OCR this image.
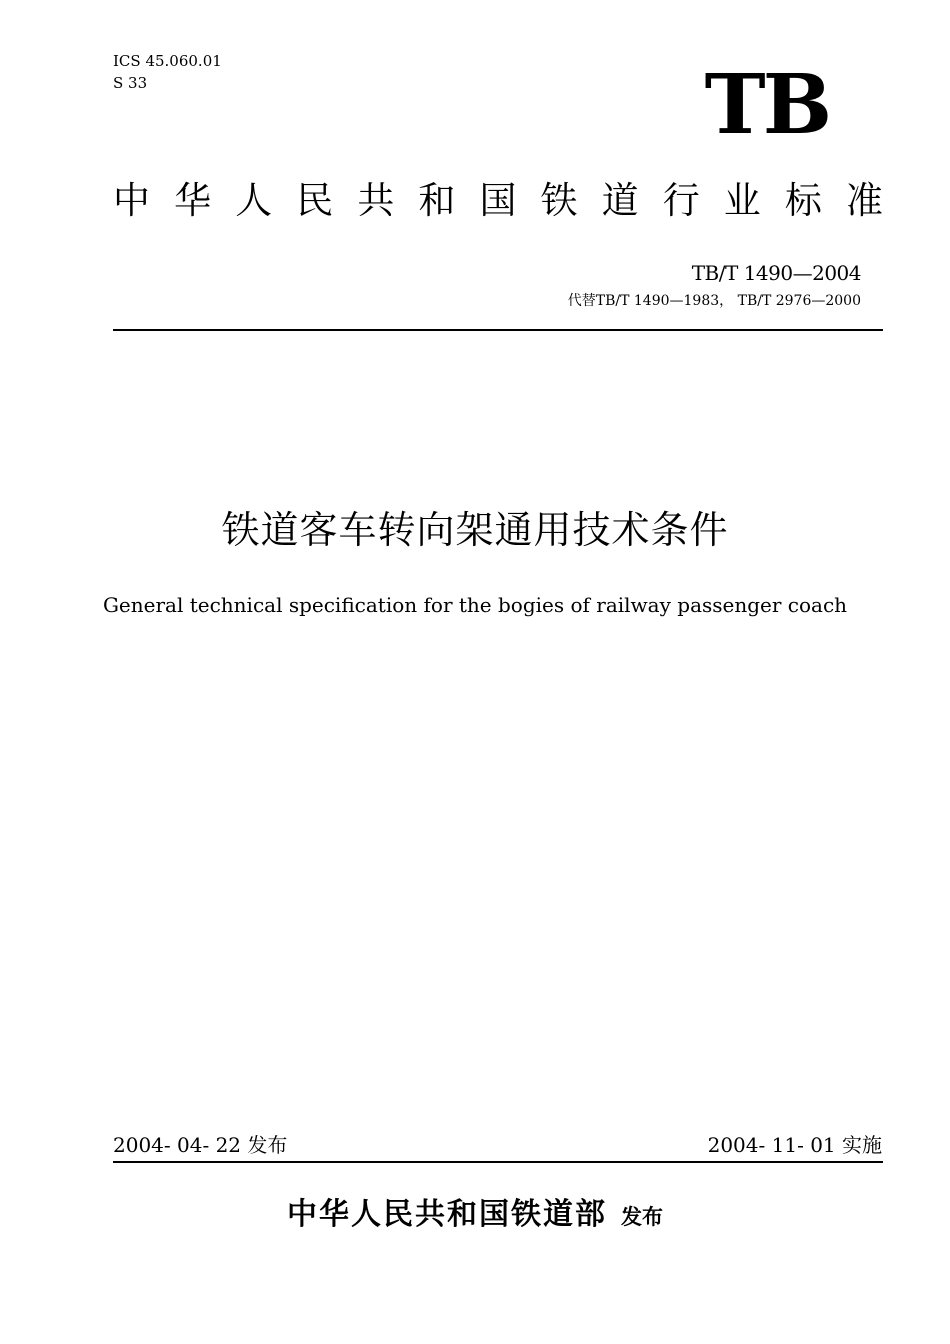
ICS 45.060.01
S 33	TB
中 华 人 民 共 和 国 铁 道 行 业 标 准
TB/T 1490—2004
代替TB/T 1490—1983， TB/T 2976—2000
铁道客车转向架通用技术条件
General technical specification for the bogies of railway passenger coach
2004- 04- 22 发布	2004- 11- 01 实施
中华人民共和国铁道部 发布
